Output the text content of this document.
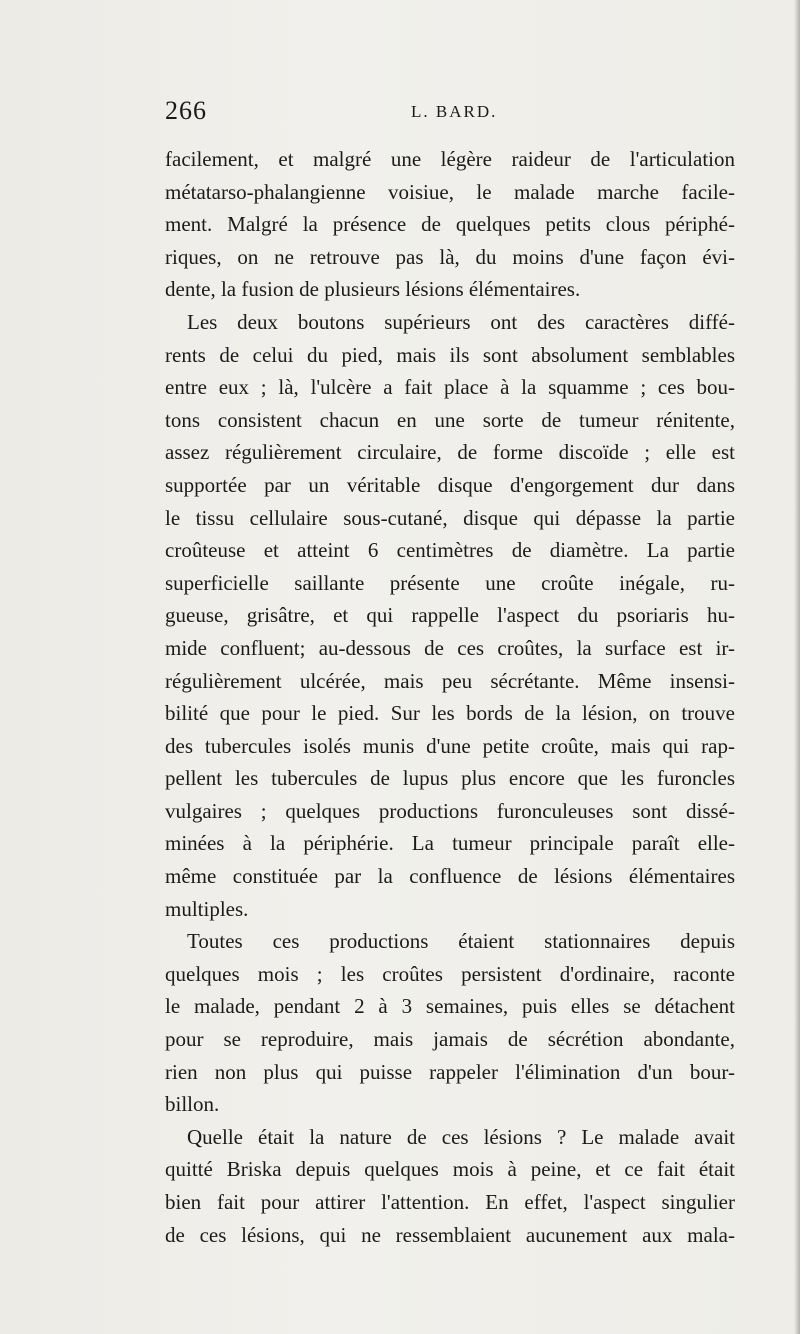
266	L. BARD.
facilement, et malgré une légère raideur de l'articulation
métatarso-phalangienne voisiue, le malade marche facile-
ment. Malgré la présence de quelques petits clous périphé-
riques, on ne retrouve pas là, du moins d'une façon évi-
dente, la fusion de plusieurs lésions élémentaires.
Les deux boutons supérieurs ont des caractères diffé-
rents de celui du pied, mais ils sont absolument semblables
entre eux ; là, l'ulcère a fait place à la squamme ; ces bou-
tons consistent chacun en une sorte de tumeur rénitente,
assez régulièrement circulaire, de forme discoïde ; elle est
supportée par un véritable disque d'engorgement dur dans
le tissu cellulaire sous-cutané, disque qui dépasse la partie
croûteuse et atteint 6 centimètres de diamètre. La partie
superficielle saillante présente une croûte inégale, ru-
gueuse, grisâtre, et qui rappelle l'aspect du psoriaris hu-
mide confluent; au-dessous de ces croûtes, la surface est ir-
régulièrement ulcérée, mais peu sécrétante. Même insensi-
bilité que pour le pied. Sur les bords de la lésion, on trouve
des tubercules isolés munis d'une petite croûte, mais qui rap-
pellent les tubercules de lupus plus encore que les furoncles
vulgaires ; quelques productions furonculeuses sont dissé-
minées à la périphérie. La tumeur principale paraît elle-
même constituée par la confluence de lésions élémentaires
multiples.
Toutes ces productions étaient stationnaires depuis
quelques mois ; les croûtes persistent d'ordinaire, raconte
le malade, pendant 2 à 3 semaines, puis elles se détachent
pour se reproduire, mais jamais de sécrétion abondante,
rien non plus qui puisse rappeler l'élimination d'un bour-
billon.
Quelle était la nature de ces lésions ? Le malade avait
quitté Briska depuis quelques mois à peine, et ce fait était
bien fait pour attirer l'attention. En effet, l'aspect singulier
de ces lésions, qui ne ressemblaient aucunement aux mala-
